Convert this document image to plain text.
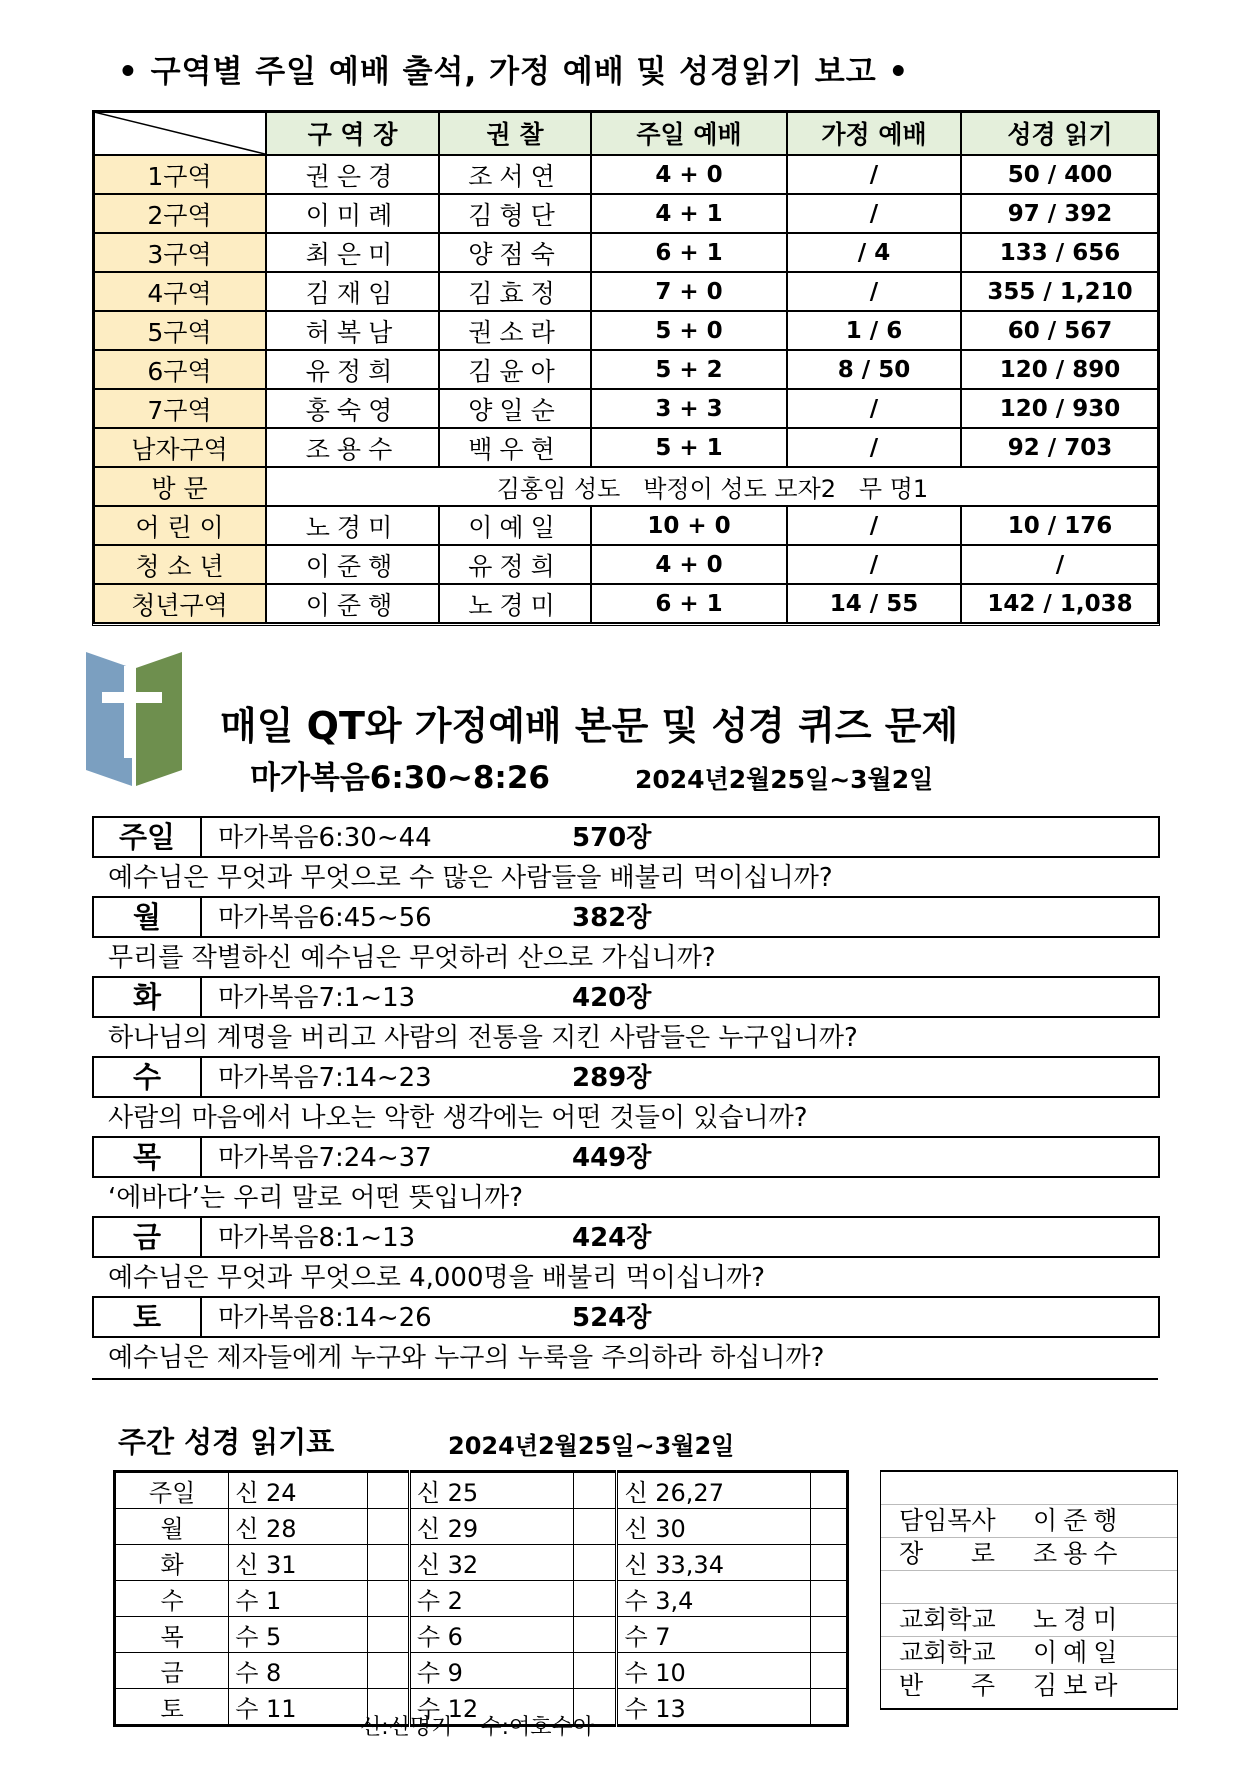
• 구역별 주일 예배 출석, 가정 예배 및 성경읽기 보고 •
	구 역 장	권 찰	주일 예배	가정 예배	성경 읽기
1구역	권은경	조서연	4 + 0	/	50 / 400
2구역	이미례	김형단	4 + 1	/	97 / 392
3구역	최은미	양점숙	6 + 1	/ 4	133 / 656
4구역	김재임	김효정	7 + 0	/	355 / 1,210
5구역	허복남	권소라	5 + 0	1 / 6	60 / 567
6구역	유정희	김윤아	5 + 2	8 / 50	120 / 890
7구역	홍숙영	양일순	3 + 3	/	120 / 930
남자구역	조용수	백우현	5 + 1	/	92 / 703
방 문	김홍임 성도   박정이 성도 모자2   무 명1				
어 린 이	노경미	이예일	10 + 0	/	10 / 176
청 소 년	이준행	유정희	4 + 0	/	/
청년구역	이준행	노경미	6 + 1	14 / 55	142 / 1,038
매일 QT와 가정예배 본문 및 성경 퀴즈 문제
마가복음6:30~8:26	2024년2월25일~3월2일
주일	마가복음6:30~44	570장
예수님은 무엇과 무엇으로 수 많은 사람들을 배불리 먹이십니까?
월	마가복음6:45~56	382장
무리를 작별하신 예수님은 무엇하러 산으로 가십니까?
화	마가복음7:1~13	420장
하나님의 계명을 버리고 사람의 전통을 지킨 사람들은 누구입니까?
수	마가복음7:14~23	289장
사람의 마음에서 나오는 악한 생각에는 어떤 것들이 있습니까?
목	마가복음7:24~37	449장
‘에바다’는 우리 말로 어떤 뜻입니까?
금	마가복음8:1~13	424장
예수님은 무엇과 무엇으로 4,000명을 배불리 먹이십니까?
토	마가복음8:14~26	524장
예수님은 제자들에게 누구와 누구의 누룩을 주의하라 하십니까?
주간 성경 읽기표	2024년2월25일~3월2일
주일	신 24		신 25		신 26,27	
월	신 28		신 29		신 30	
화	신 31		신 32		신 33,34	
수	수 1		수 2		수 3,4	
목	수 5		수 6		수 7	
금	수 8		수 9		수 10	
토	수 11		수 12		수 13	
신:신명기    수:여호수아
담임목사 이준행
장      로 조용수
교회학교 노경미
교회학교 이예일
반      주 김보라
